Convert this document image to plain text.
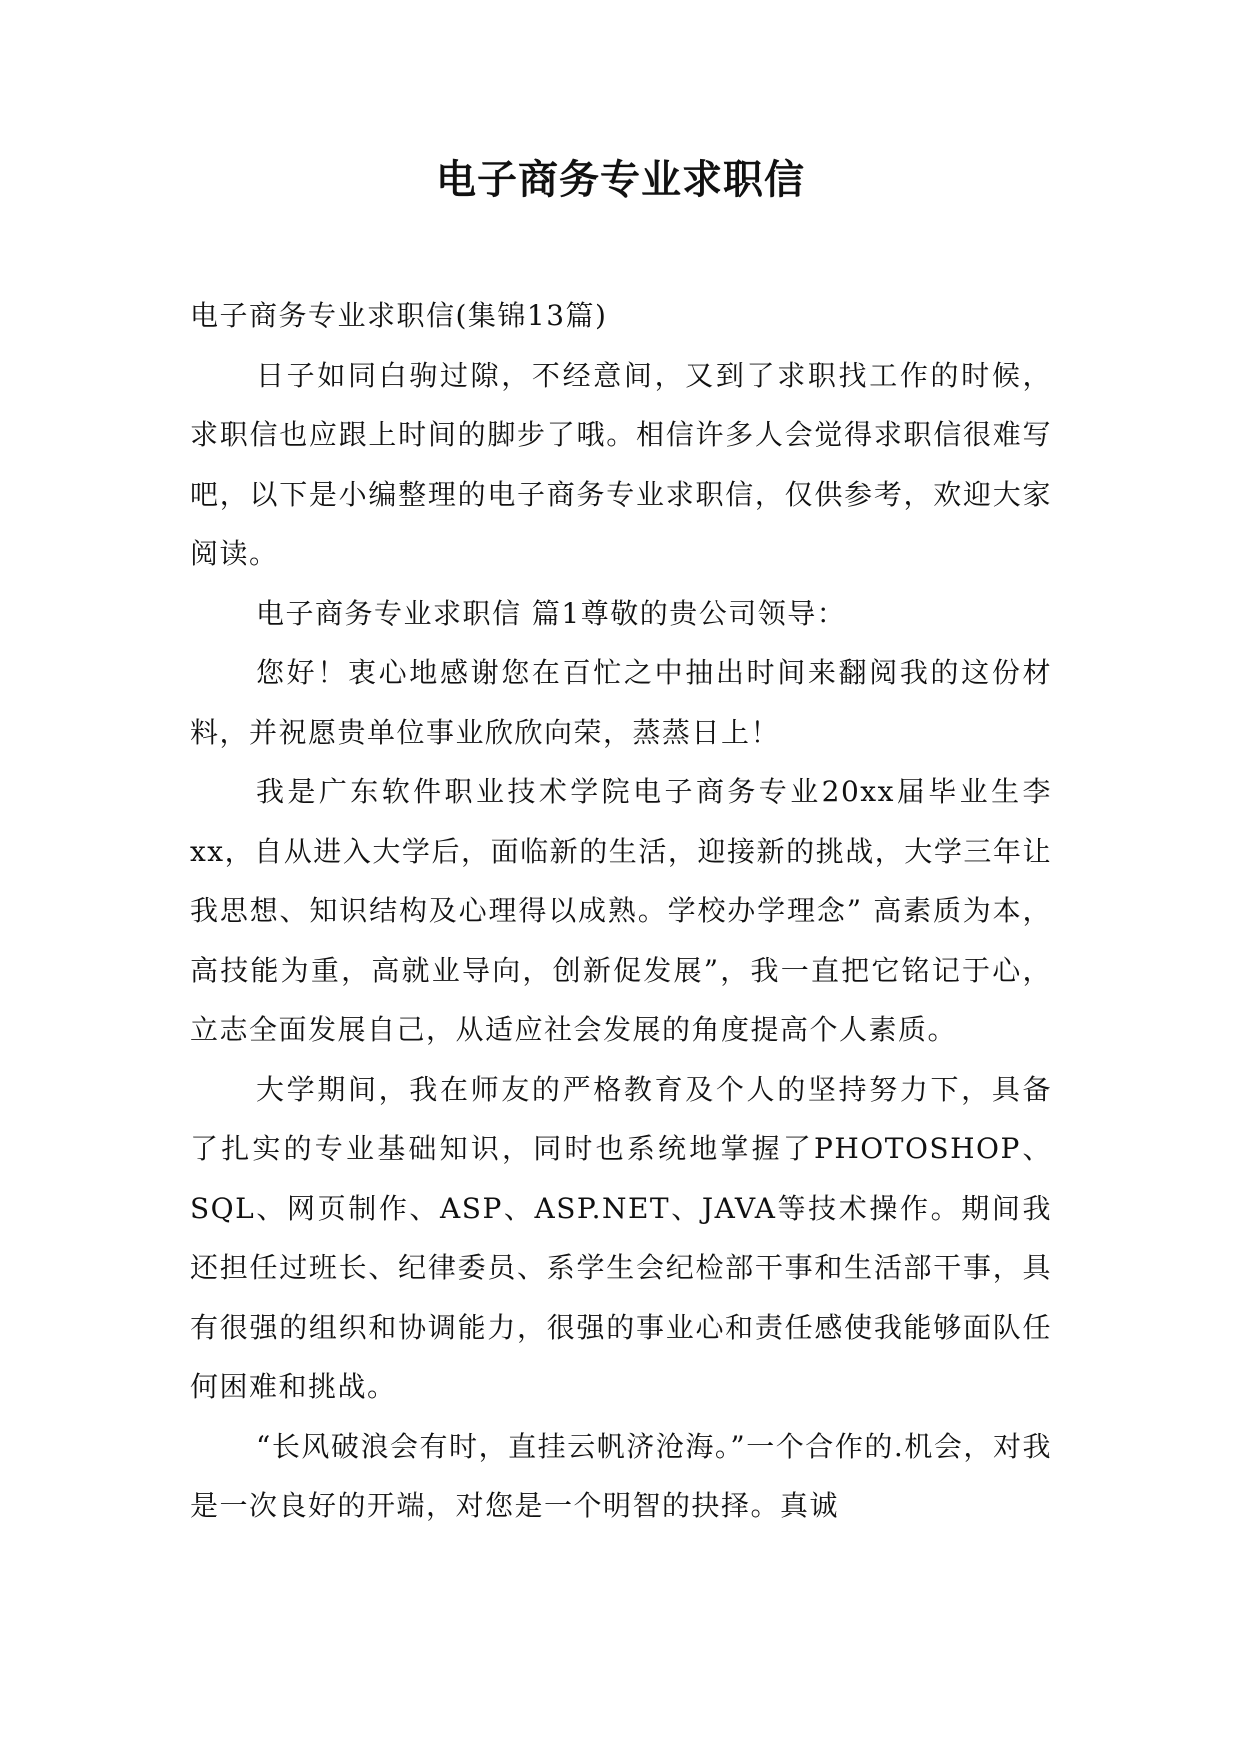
电子商务专业求职信

电子商务专业求职信(集锦13篇)

日子如同白驹过隙，不经意间，又到了求职找工作的时候，求职信也应跟上时间的脚步了哦。相信许多人会觉得求职信很难写吧，以下是小编整理的电子商务专业求职信，仅供参考，欢迎大家阅读。

电子商务专业求职信 篇1尊敬的贵公司领导：

您好！衷心地感谢您在百忙之中抽出时间来翻阅我的这份材料，并祝愿贵单位事业欣欣向荣，蒸蒸日上！

我是广东软件职业技术学院电子商务专业20xx届毕业生李xx，自从进入大学后，面临新的生活，迎接新的挑战，大学三年让我思想、知识结构及心理得以成熟。学校办学理念” 高素质为本，高技能为重，高就业导向，创新促发展”，我一直把它铭记于心，立志全面发展自己，从适应社会发展的角度提高个人素质。

大学期间，我在师友的严格教育及个人的坚持努力下，具备了扎实的专业基础知识，同时也系统地掌握了PHOTOSHOP、SQL、网页制作、ASP、ASP.NET、JAVA等技术操作。期间我还担任过班长、纪律委员、系学生会纪检部干事和生活部干事，具有很强的组织和协调能力，很强的事业心和责任感使我能够面队任何困难和挑战。

“长风破浪会有时，直挂云帆济沧海。”一个合作的.机会，对我是一次良好的开端，对您是一个明智的抉择。真诚
